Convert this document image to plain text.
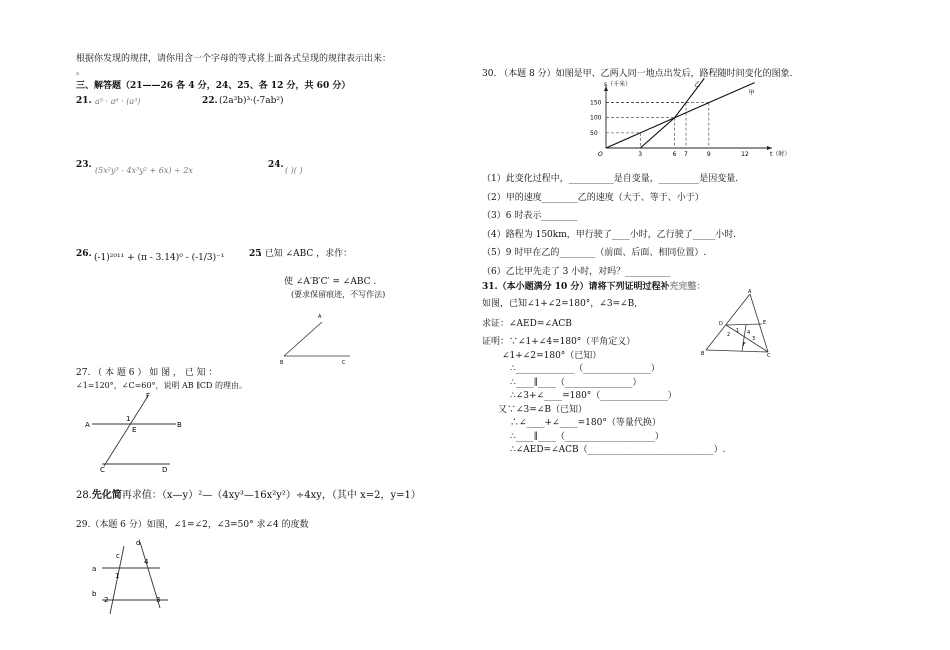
根据你发现的规律，请你用含一个字母的等式将上面各式呈现的规律表示出来：
。
三、解答题（21——26 各 4 分，24、25、各 12 分，共 60 分）
21. a⁵ · a⁶ · (a³)	22. (2a³b)³·(-7ab²)
23.
(5x²y³ - 4x³y² + 6x) ÷ 2x
24.
( )( )
26. (-1)²⁰¹¹ + (π - 3.14)⁰ - (-1/3)⁻¹	25
. 已知 ∠ABC ，求作：
使 ∠A′B′C′ = ∠ABC .
(要求保留痕迹，不写作法)
A
B	C
27. （ 本 题 6 ） 如 图 ， 已 知 ：
∠1=120°，∠C=60°，说明 AB ∥CD 的理由。
A	B
C	D
E
F
1
28.先化简再求值：（x—y）²—（4xy³—16x²y²）÷4xy，（其中 x=2，y=1）
29.（本题 6 分）如图，∠1=∠2，∠3=50° 求∠4 的度数
a
b
c
d
1
2	3
4
30. （本题 8 分）如图是甲、乙两人同一地点出发后，路程随时间变化的图象.
甲
乙
3	6 7	9	12
50
100
150
O
s（千米）
t（时）
（1）此变化过程中，__________是自变量，_________是因变量.
（2）甲的速度________乙的速度（大于、等于、小于）
（3）6 时表示________
（4）路程为 150km，甲行驶了____小时，乙行驶了_____小时.
（5）9 时甲在乙的________（前面、后面、相同位置）.
（6）乙比甲先走了 3 小时，对吗？__________
31.（本小题满分 10 分）请将下列证明过程补充完整：
如图，已知∠1+∠2=180°，∠3=∠B,
求证：∠AED=∠ACB
证明：∵∠1+∠4=180°（平角定义）
∠1+∠2=180°（已知）
∴_____________（_______________）
∴____∥____（_______________）
∴∠3+∠____=180°（_______________）
又∵∠3=∠B（已知）
∴∠____+∠____=180°（等量代换）
∴____∥____（____________________）
∴∠AED=∠ACB（____________________________）.
A
B	C
D	E
F
1
2
3
4
